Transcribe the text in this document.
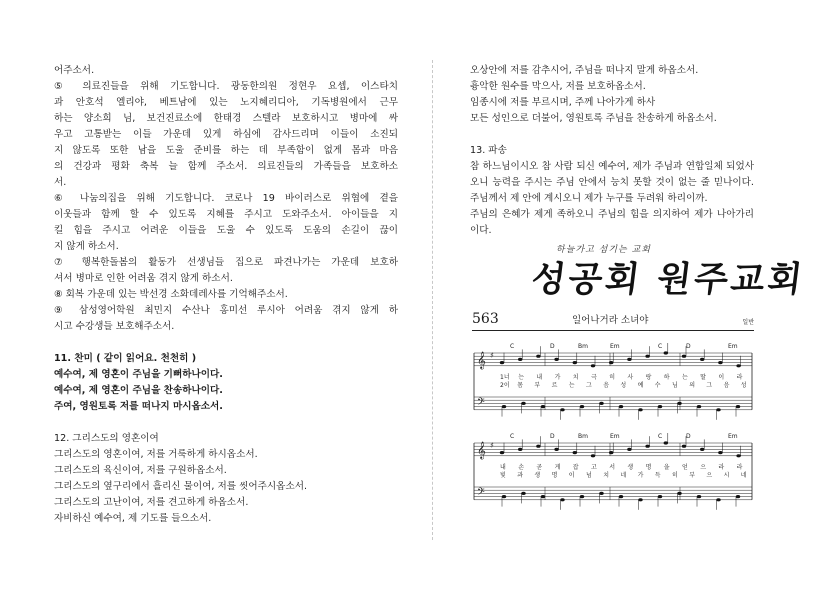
어주소서.
⑤ 의료진들을 위해 기도합니다. 광동한의원 정현우 요셉, 이스타치
과 안호석 엘리야, 베트남에 있는 노지혜리디아, 기독병원에서 근무
하는 양소희 님, 보건진료소에 한태경 스텔라 보호하시고 병마에 싸
우고 고통받는 이들 가운데 있게 하심에 감사드리며 이들이 소진되
지 않도록 또한 남을 도울 준비를 하는 데 부족함이 없게 몸과 마음
의 건강과 평화 축복 늘 함께 주소서. 의료진들의 가족들을 보호하소
서.
⑥ 나눔의집을 위해 기도합니다. 코로나 19 바이러스로 위협에 곁을
이웃들과 함께 할 수 있도록 지혜를 주시고 도와주소서. 아이들을 지
킬 힘을 주시고 어려운 이들을 도울 수 있도록 도움의 손길이 끊이
지 않게 하소서.
⑦ 행복한돌봄의 활동가 선생님들 집으로 파견나가는 가운데 보호하
셔서 병마로 인한 어려움 겪지 않게 하소서.
⑧ 회복 가운데 있는 박선경 소화데레사를 기억해주소서.
⑨ 삼성영어학원 최민지 수산나 홍미선 루시아 어려움 겪지 않게 하
시고 수강생들 보호해주소서.
11. 찬미 ( 같이 읽어요. 천천히 )
예수여, 제 영혼이 주님을 기뻐하나이다.
예수여, 제 영혼이 주님을 찬송하나이다.
주여, 영원토록 저를 떠나지 마시옵소서.
12. 그리스도의 영혼이여
그리스도의 영혼이여, 저를 거룩하게 하시옵소서.
그리스도의 육신이여, 저를 구원하옵소서.
그리스도의 옆구리에서 흘리신 물이여, 저를 씻어주시옵소서.
그리스도의 고난이여, 저를 견고하게 하옵소서.
자비하신 예수여, 제 기도를 들으소서.
오상안에 저를 감추시어, 주님을 떠나지 말게 하옵소서.
흉악한 원수를 막으사, 저를 보호하옵소서.
임종시에 저를 부르시며, 주께 나아가게 하사
모든 성인으로 더불어, 영원토록 주님을 찬송하게 하옵소서.
13. 파송
참 하느님이시오 참 사람 되신 예수여, 제가 주님과 연합일체 되었사
오니 능력을 주시는 주님 안에서 능치 못할 것이 없는 줄 믿나이다.
주님께서 제 안에 계시오니 제가 누구를 두려워 하리이까.
주님의 은혜가 제게 족하오니 주님의 힘을 의지하여 제가 나아가리
이다.
하늘가고 섬기는 교회
성공회 원주교회
563	일어나거라 소녀야	일반
𝄞
𝄢
♯
C	D	Bm	Em	C	D	Em
1너 는 내 가 치 극 히 사 랑 하 는 딸 이 라
2이 몸 부 르 는 그 음 성 예 수 님 의 그 음 성
𝄞
𝄢
♯
C	D	Bm	Em	C	D	Em
내 손 곧 게 잡 고 서 생 명 을 얻 으 라 라
빛 과 생 명 이 넘 치 네 가 득 히 부 으 시 네
